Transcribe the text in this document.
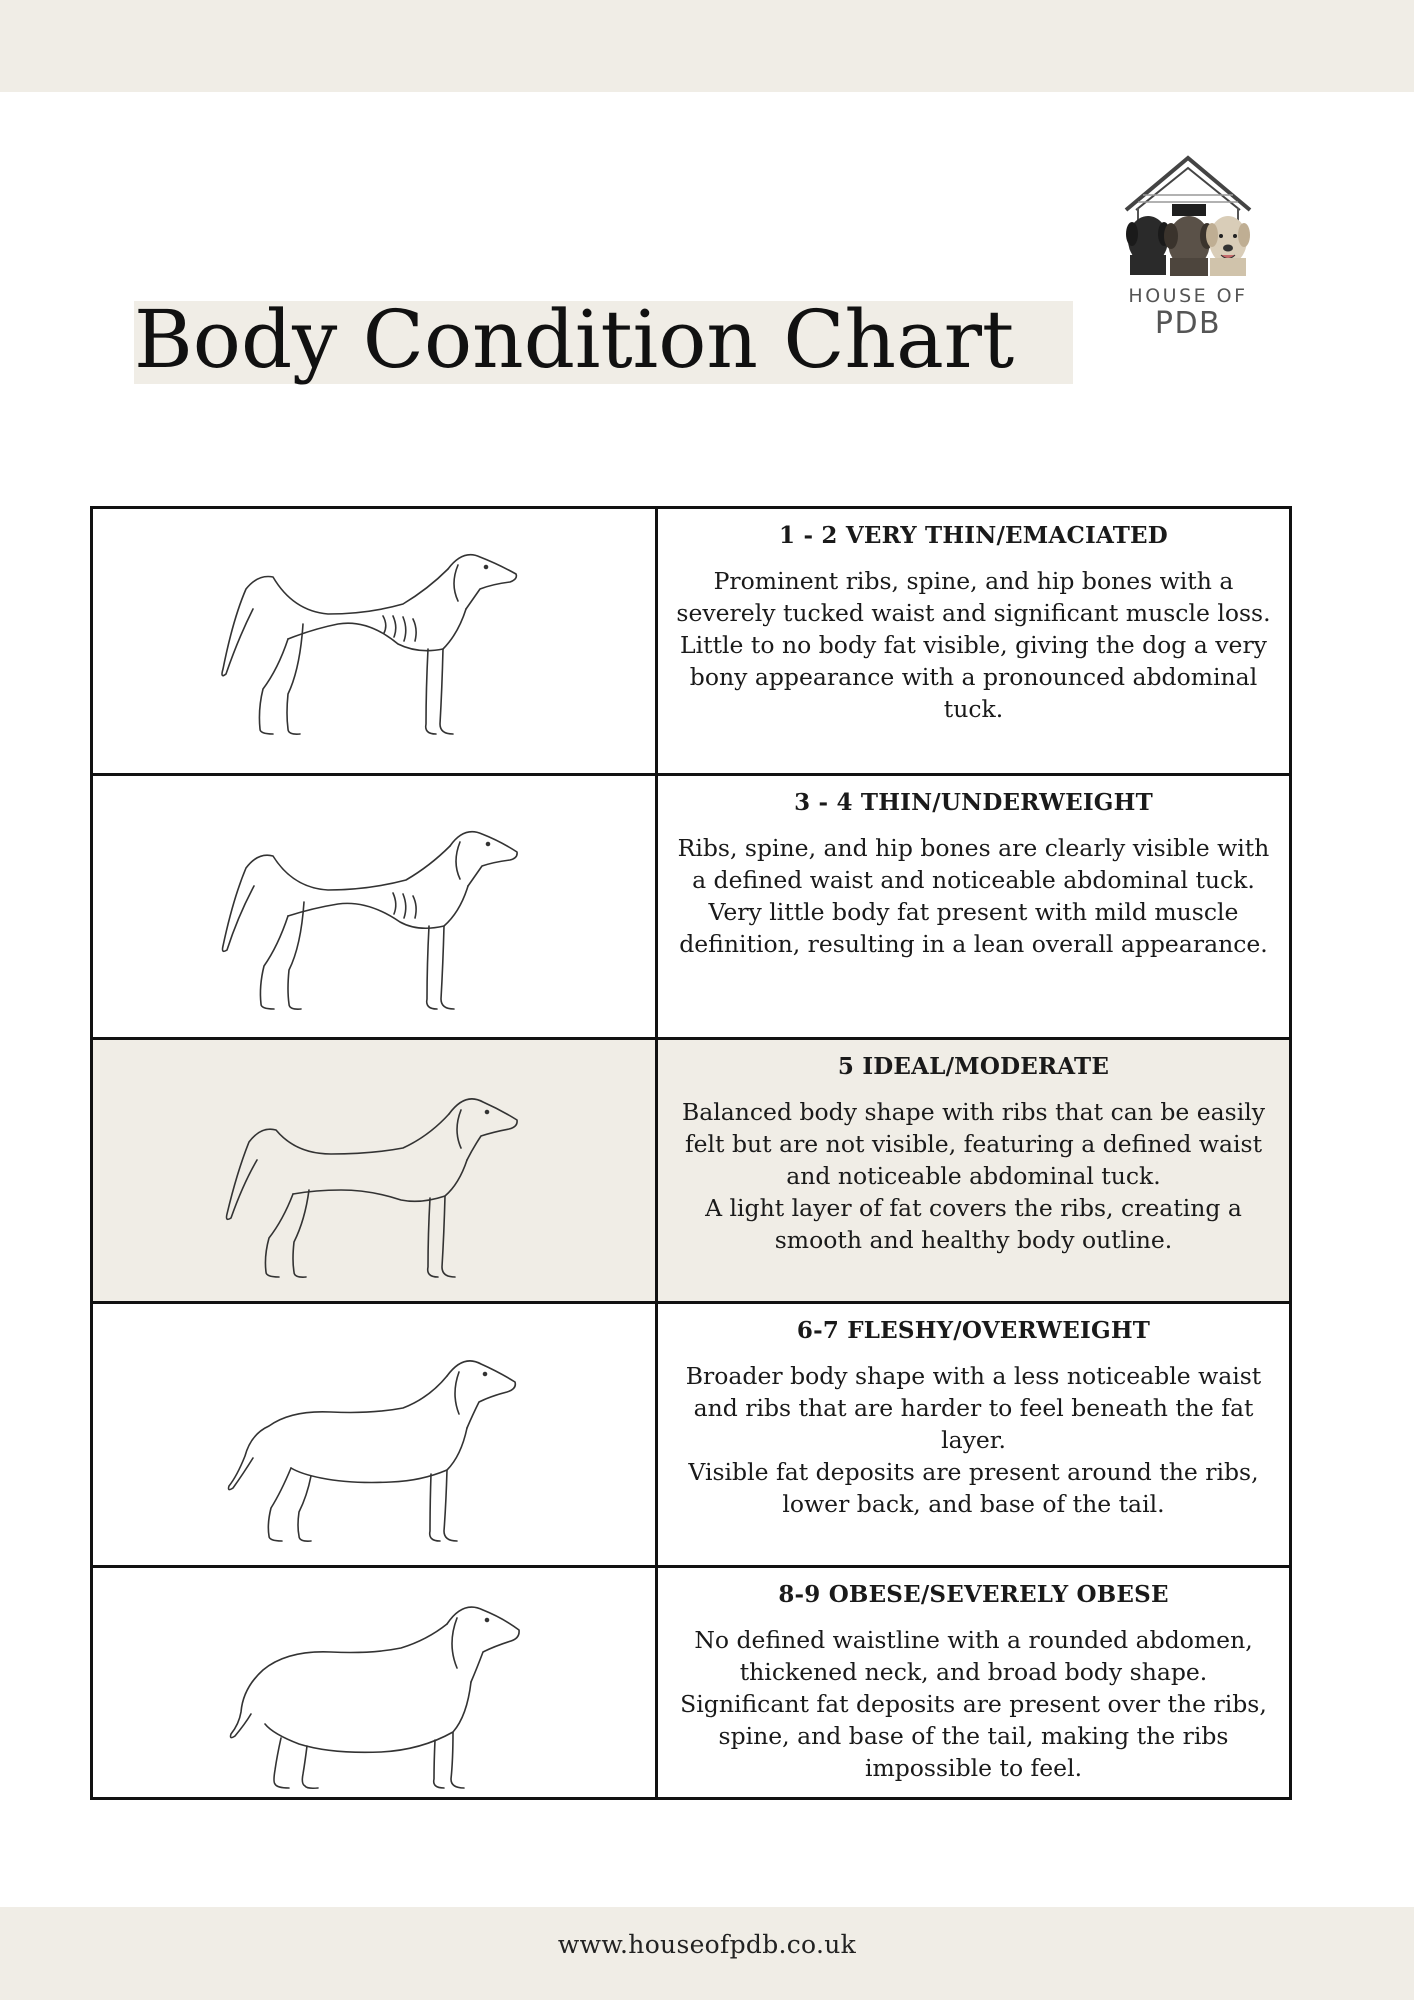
Body Condition Chart	HOUSE OF
PDB
1 - 2 VERY THIN/EMACIATED
Prominent ribs, spine, and hip bones with a severely tucked waist and significant muscle loss.
Little to no body fat visible, giving the dog a very bony appearance with a pronounced abdominal tuck.
3 - 4 THIN/UNDERWEIGHT
Ribs, spine, and hip bones are clearly visible with a defined waist and noticeable abdominal tuck.
Very little body fat present with mild muscle definition, resulting in a lean overall appearance.
5 IDEAL/MODERATE
Balanced body shape with ribs that can be easily felt but are not visible, featuring a defined waist and noticeable abdominal tuck.
A light layer of fat covers the ribs, creating a smooth and healthy body outline.
6-7 FLESHY/OVERWEIGHT
Broader body shape with a less noticeable waist and ribs that are harder to feel beneath the fat layer.
Visible fat deposits are present around the ribs, lower back, and base of the tail.
8-9 OBESE/SEVERELY OBESE
No defined waistline with a rounded abdomen, thickened neck, and broad body shape.
Significant fat deposits are present over the ribs, spine, and base of the tail, making the ribs impossible to feel.
www.houseofpdb.co.uk
